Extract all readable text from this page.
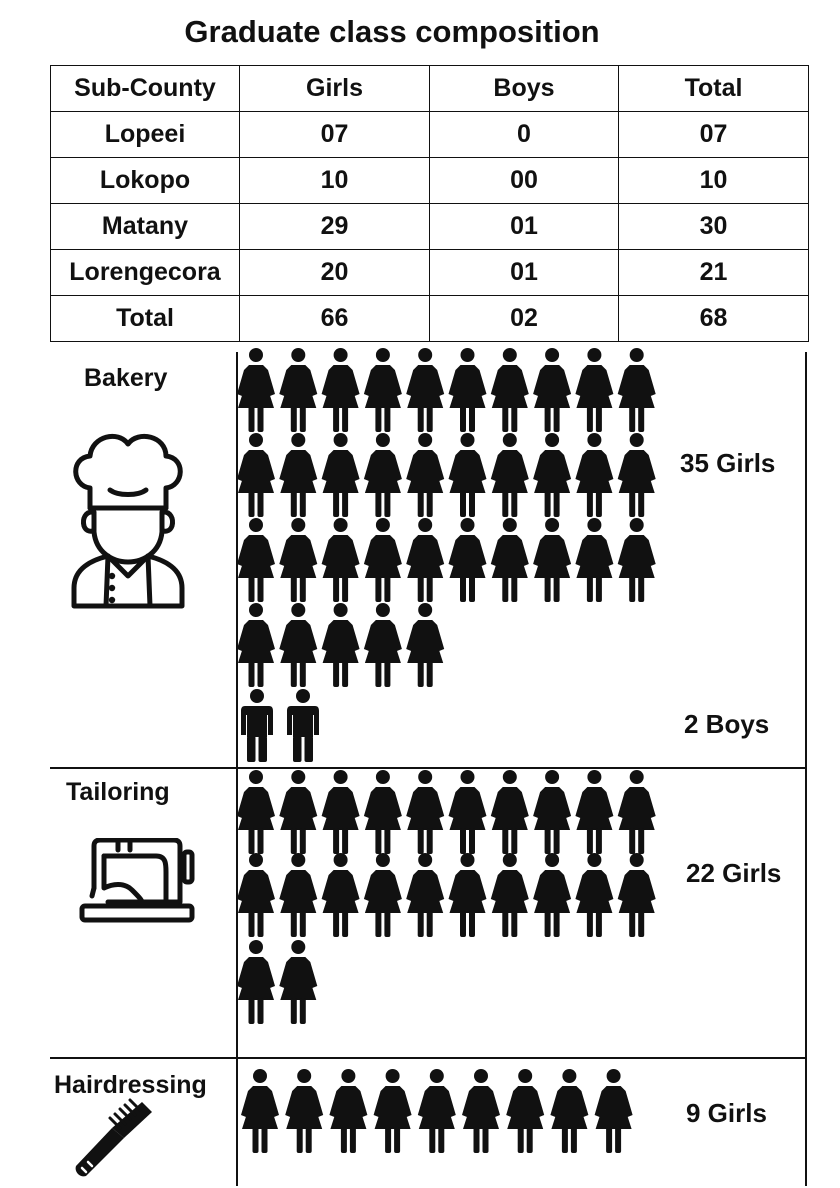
Graduate class composition
Sub-County	Girls	Boys	Total
Lopeei	07	0	07
Lokopo	10	00	10
Matany	29	01	30
Lorengecora	20	01	21
Total	66	02	68
Bakery
Tailoring
Hairdressing
35 Girls
2 Boys
22 Girls
9 Girls
